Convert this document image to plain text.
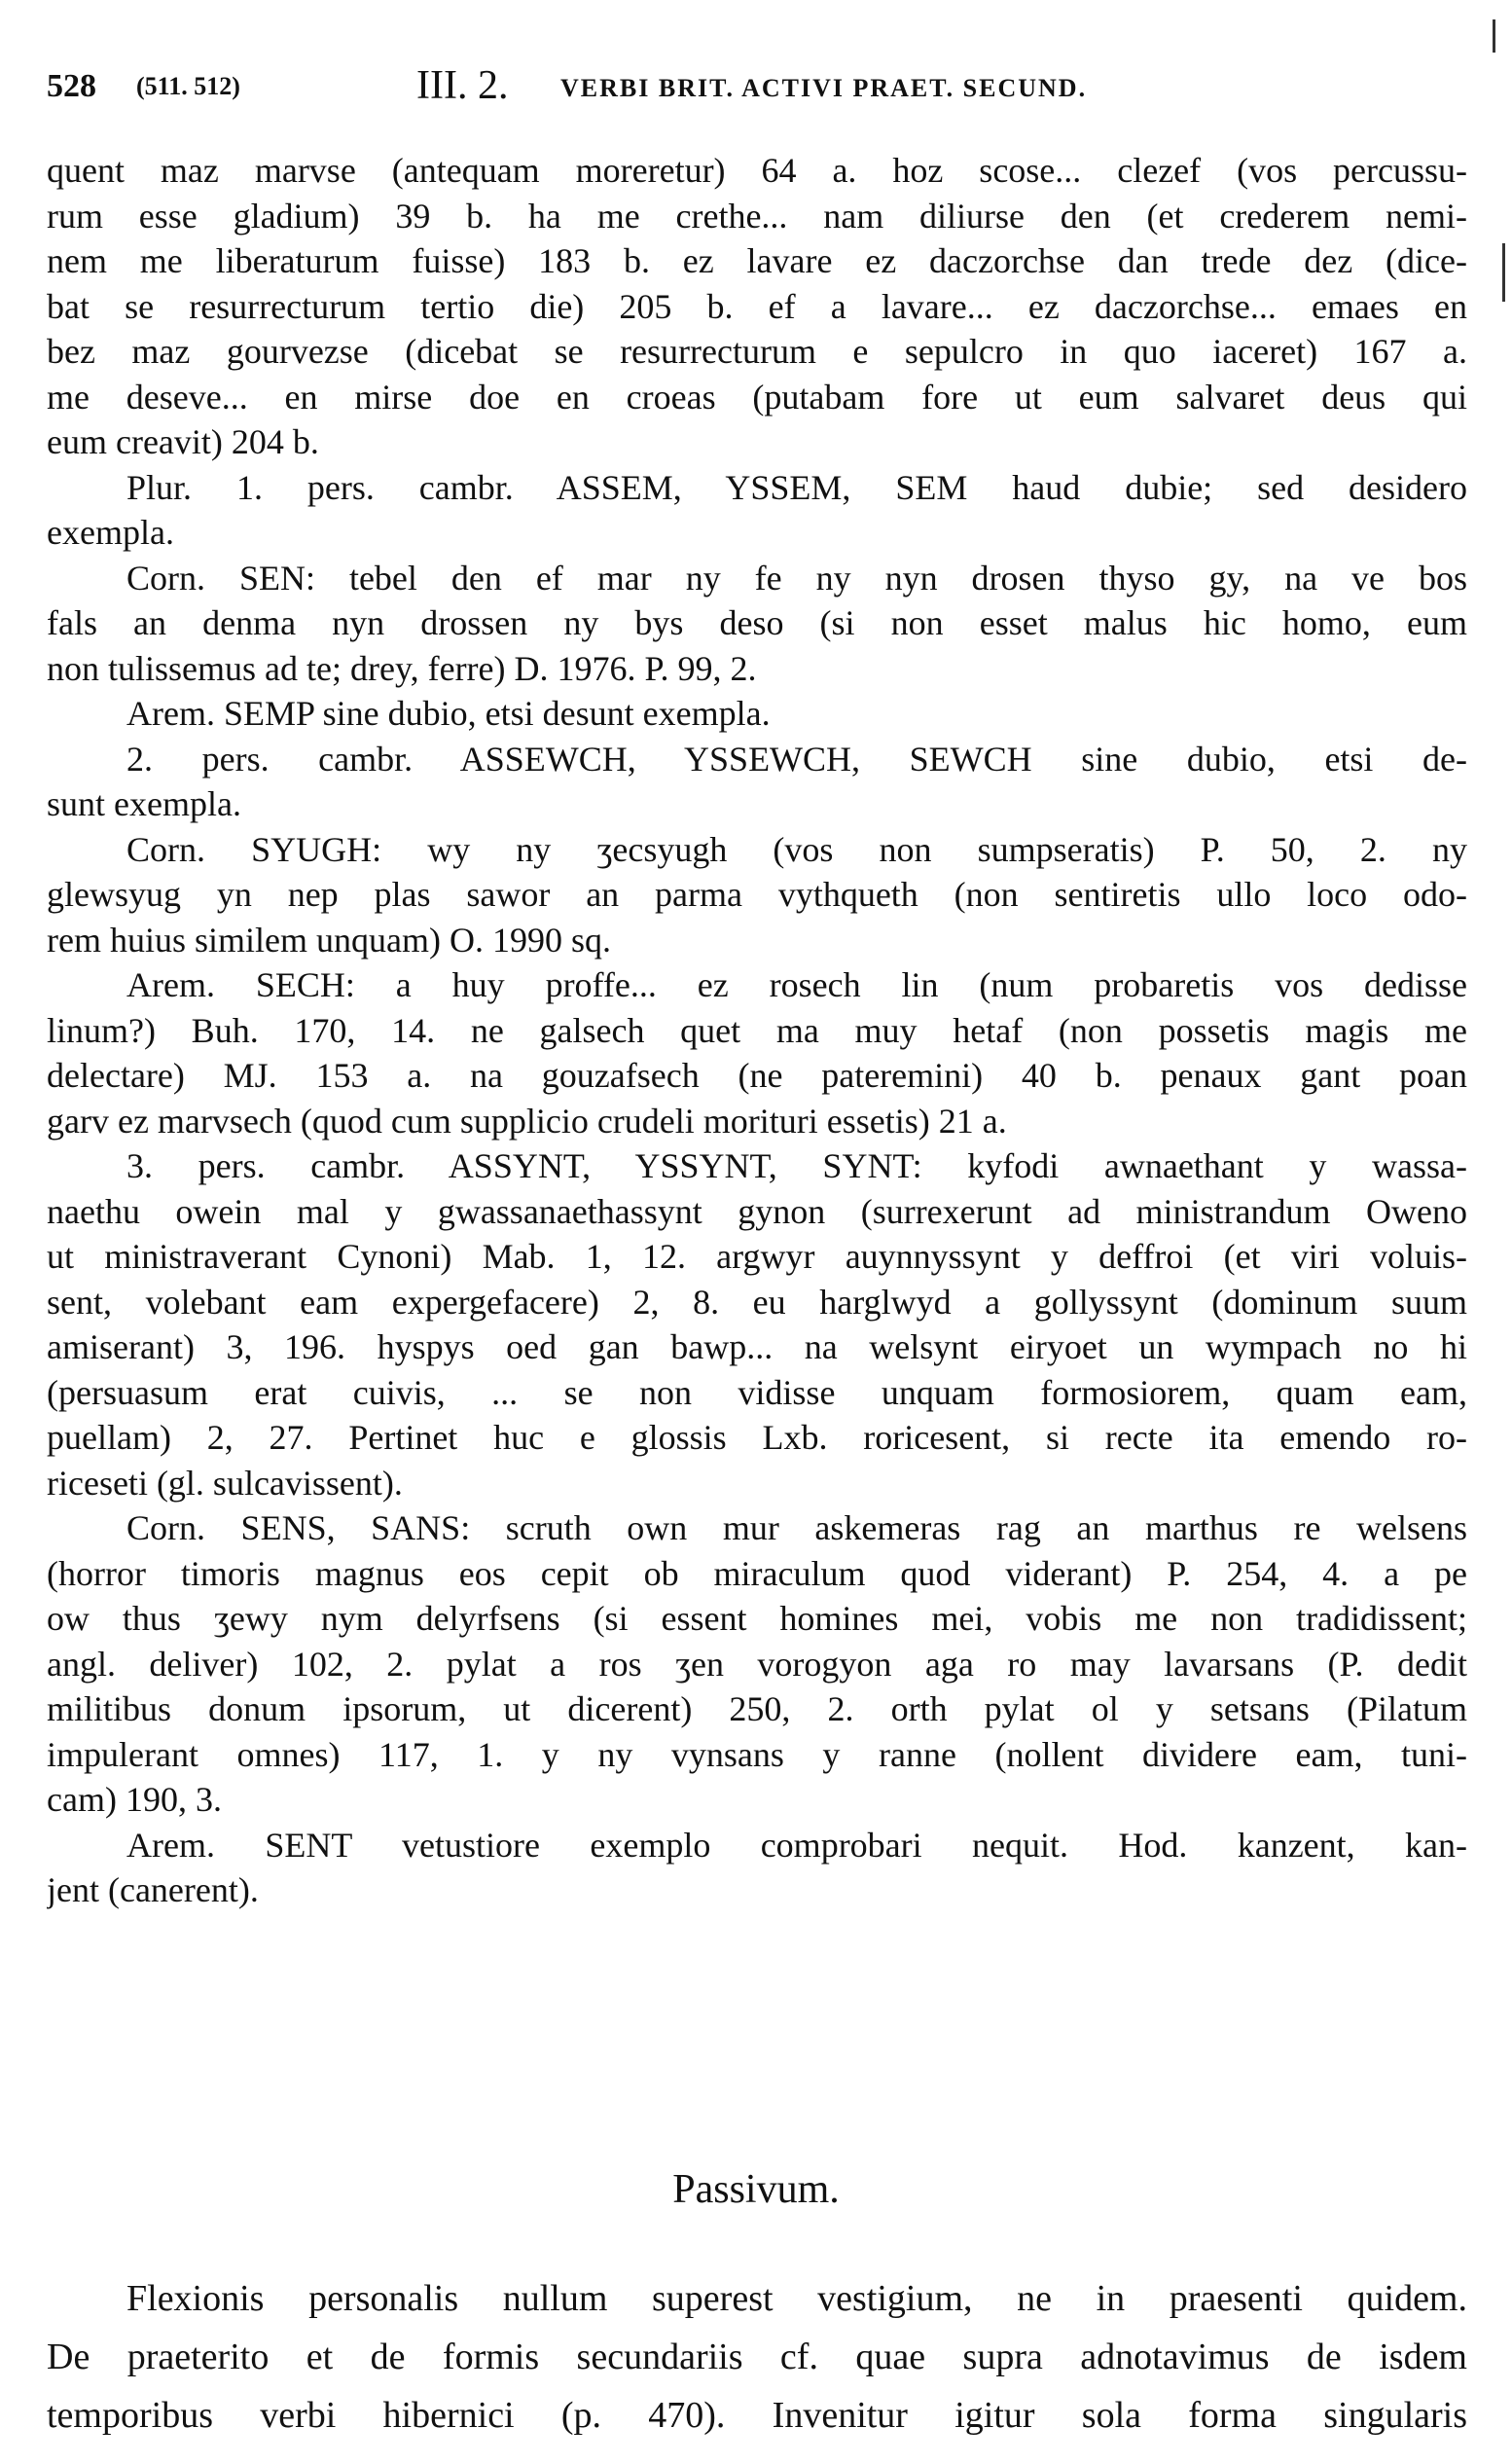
528 (511. 512)	III. 2. VERBI BRIT. ACTIVI PRAET. SECUND.
quent maz marvse (antequam moreretur) 64 a. hoz scose... clezef (vos percussu-
rum esse gladium) 39 b. ha me crethe... nam diliurse den (et crederem nemi-
nem me liberaturum fuisse) 183 b. ez lavare ez daczorchse dan trede dez (dice-
bat se resurrecturum tertio die) 205 b. ef a lavare... ez daczorchse... emaes en
bez maz gourvezse (dicebat se resurrecturum e sepulcro in quo iaceret) 167 a.
me deseve... en mirse doe en croeas (putabam fore ut eum salvaret deus qui
eum creavit) 204 b.
Plur. 1. pers. cambr. ASSEM, YSSEM, SEM haud dubie; sed desidero
exempla.
Corn. SEN: tebel den ef mar ny fe ny nyn drosen thyso gy, na ve bos
fals an denma nyn drossen ny bys deso (si non esset malus hic homo, eum
non tulissemus ad te; drey, ferre) D. 1976. P. 99, 2.
Arem. SEMP sine dubio, etsi desunt exempla.
2. pers. cambr. ASSEWCH, YSSEWCH, SEWCH sine dubio, etsi de-
sunt exempla.
Corn. SYUGH: wy ny ʒecsyugh (vos non sumpseratis) P. 50, 2. ny
glewsyug yn nep plas sawor an parma vythqueth (non sentiretis ullo loco odo-
rem huius similem unquam) O. 1990 sq.
Arem. SECH: a huy proffe... ez rosech lin (num probaretis vos dedisse
linum?) Buh. 170, 14. ne galsech quet ma muy hetaf (non possetis magis me
delectare) MJ. 153 a. na gouzafsech (ne pateremini) 40 b. penaux gant poan
garv ez marvsech (quod cum supplicio crudeli morituri essetis) 21 a.
3. pers. cambr. ASSYNT, YSSYNT, SYNT: kyfodi awnaethant y wassa-
naethu owein mal y gwassanaethassynt gynon (surrexerunt ad ministrandum Oweno
ut ministraverant Cynoni) Mab. 1, 12. argwyr auynnyssynt y deffroi (et viri voluis-
sent, volebant eam expergefacere) 2, 8. eu harglwyd a gollyssynt (dominum suum
amiserant) 3, 196. hyspys oed gan bawp... na welsynt eiryoet un wympach no hi
(persuasum erat cuivis, ... se non vidisse unquam formosiorem, quam eam,
puellam) 2, 27. Pertinet huc e glossis Lxb. roricesent, si recte ita emendo ro-
riceseti (gl. sulcavissent).
Corn. SENS, SANS: scruth own mur askemeras rag an marthus re welsens
(horror timoris magnus eos cepit ob miraculum quod viderant) P. 254, 4. a pe
ow thus ʒewy nym delyrfsens (si essent homines mei, vobis me non tradidissent;
angl. deliver) 102, 2. pylat a ros ʒen vorogyon aga ro may lavarsans (P. dedit
militibus donum ipsorum, ut dicerent) 250, 2. orth pylat ol y setsans (Pilatum
impulerant omnes) 117, 1. y ny vynsans y ranne (nollent dividere eam, tuni-
cam) 190, 3.
Arem. SENT vetustiore exemplo comprobari nequit. Hod. kanzent, kan-
jent (canerent).
Passivum.
Flexionis personalis nullum superest vestigium, ne in praesenti quidem.
De praeterito et de formis secundariis cf. quae supra adnotavimus de isdem
temporibus verbi hibernici (p. 470). Invenitur igitur sola forma singularis
